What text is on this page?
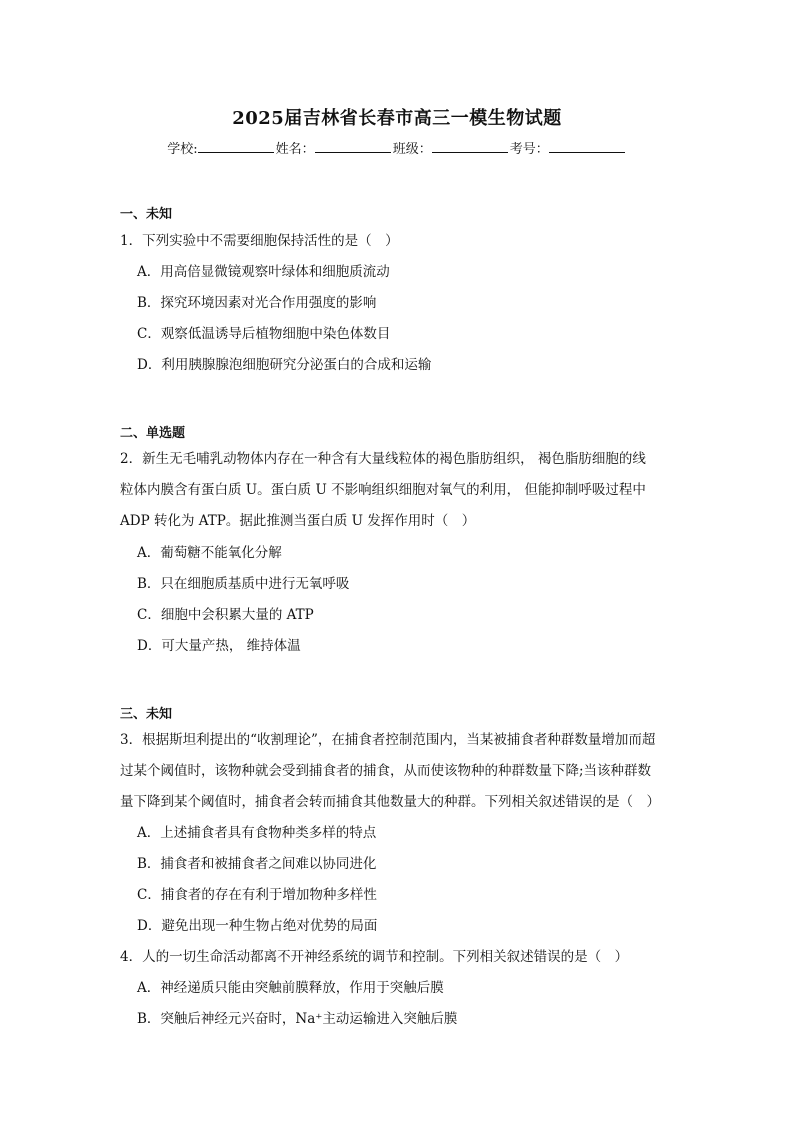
2025届吉林省长春市高三一模生物试题
学校:	姓名：	班级：	考号：
一、未知
1．下列实验中不需要细胞保持活性的是（　）
A．用高倍显微镜观察叶绿体和细胞质流动
B．探究环境因素对光合作用强度的影响
C．观察低温诱导后植物细胞中染色体数目
D．利用胰腺腺泡细胞研究分泌蛋白的合成和运输
二、单选题
2．新生无毛哺乳动物体内存在一种含有大量线粒体的褐色脂肪组织， 褐色脂肪细胞的线
粒体内膜含有蛋白质 U。蛋白质 U 不影响组织细胞对氧气的利用， 但能抑制呼吸过程中
ADP 转化为 ATP。据此推测当蛋白质 U 发挥作用时（　）
A．葡萄糖不能氧化分解
B．只在细胞质基质中进行无氧呼吸
C．细胞中会积累大量的 ATP
D．可大量产热， 维持体温
三、未知
3．根据斯坦利提出的“收割理论”，在捕食者控制范围内，当某被捕食者种群数量增加而超
过某个阈值时，该物种就会受到捕食者的捕食，从而使该物种的种群数量下降;当该种群数
量下降到某个阈值时，捕食者会转而捕食其他数量大的种群。下列相关叙述错误的是（　）
A．上述捕食者具有食物种类多样的特点
B．捕食者和被捕食者之间难以协同进化
C．捕食者的存在有利于增加物种多样性
D．避免出现一种生物占绝对优势的局面
4．人的一切生命活动都离不开神经系统的调节和控制。下列相关叙述错误的是（　）
A．神经递质只能由突触前膜释放，作用于突触后膜
B．突触后神经元兴奋时，Na⁺主动运输进入突触后膜
